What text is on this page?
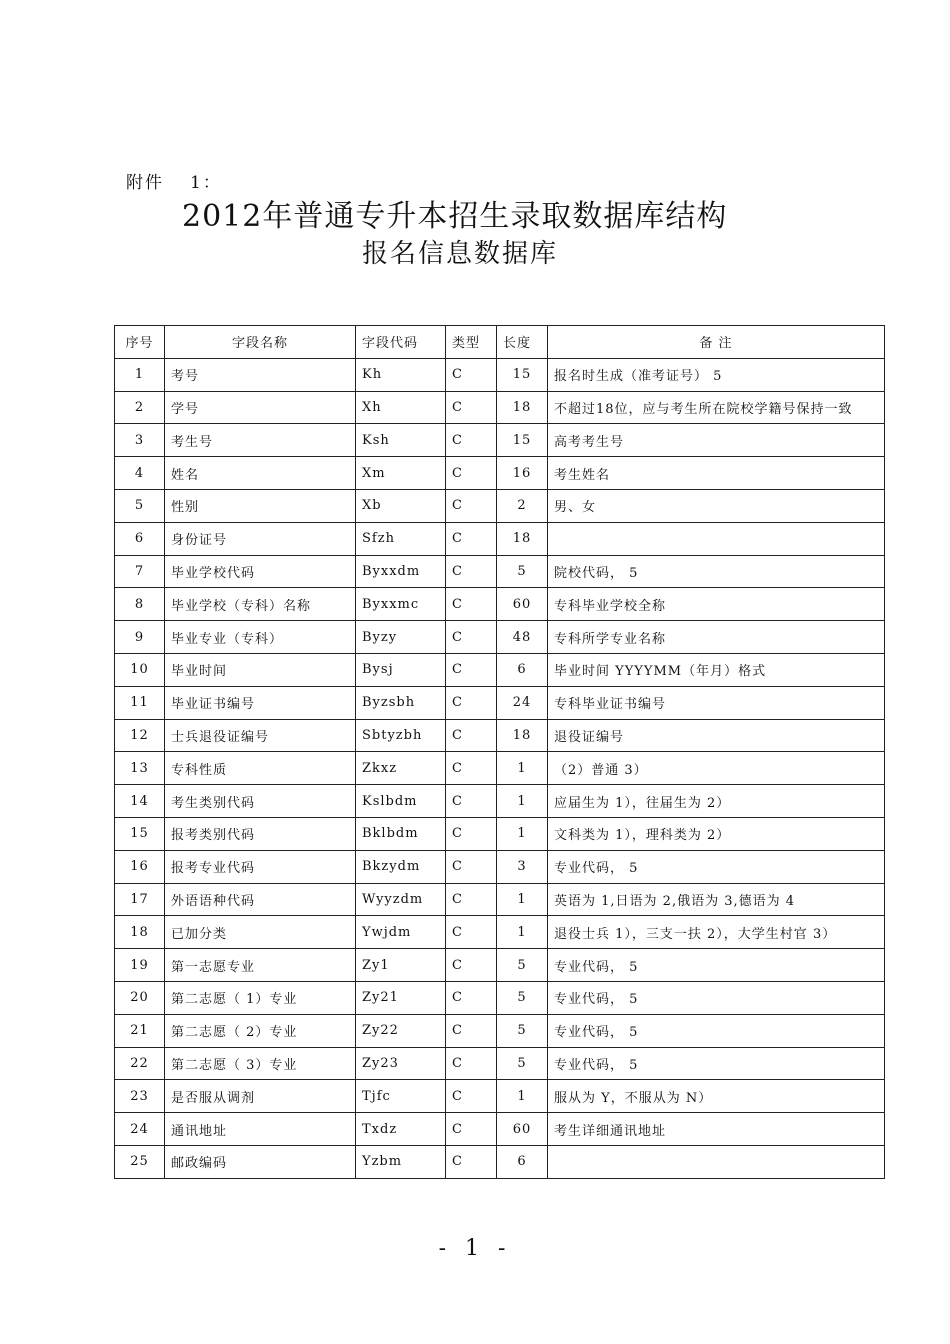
附件 1：
2012年普通专升本招生录取数据库结构
报名信息数据库
序号	字段名称	字段代码	类型	长度	备 注
1	考号	Kh	C	15	报名时生成（准考证号） 5
2	学号	Xh	C	18	不超过18位，应与考生所在院校学籍号保持一致
3	考生号	Ksh	C	15	高考考生号
4	姓名	Xm	C	16	考生姓名
5	性别	Xb	C	2	男、女
6	身份证号	Sfzh	C	18	
7	毕业学校代码	Byxxdm	C	5	院校代码， 5
8	毕业学校（专科）名称	Byxxmc	C	60	专科毕业学校全称
9	毕业专业（专科）	Byzy	C	48	专科所学专业名称
10	毕业时间	Bysj	C	6	毕业时间 YYYYMM（年月）格式
11	毕业证书编号	Byzsbh	C	24	专科毕业证书编号
12	士兵退役证编号	Sbtyzbh	C	18	退役证编号
13	专科性质	Zkxz	C	1	（2）普通 3）
14	考生类别代码	Kslbdm	C	1	应届生为 1），往届生为 2）
15	报考类别代码	Bklbdm	C	1	文科类为 1），理科类为 2）
16	报考专业代码	Bkzydm	C	3	专业代码， 5
17	外语语种代码	Wyyzdm	C	1	英语为 1,日语为 2,俄语为 3,德语为 4
18	已加分类	Ywjdm	C	1	退役士兵 1），三支一扶 2），大学生村官 3）
19	第一志愿专业	Zy1	C	5	专业代码， 5
20	第二志愿（ 1）专业	Zy21	C	5	专业代码， 5
21	第二志愿（ 2）专业	Zy22	C	5	专业代码， 5
22	第二志愿（ 3）专业	Zy23	C	5	专业代码， 5
23	是否服从调剂	Tjfc	C	1	服从为 Y，不服从为 N）
24	通讯地址	Txdz	C	60	考生详细通讯地址
25	邮政编码	Yzbm	C	6	
- 1 -
